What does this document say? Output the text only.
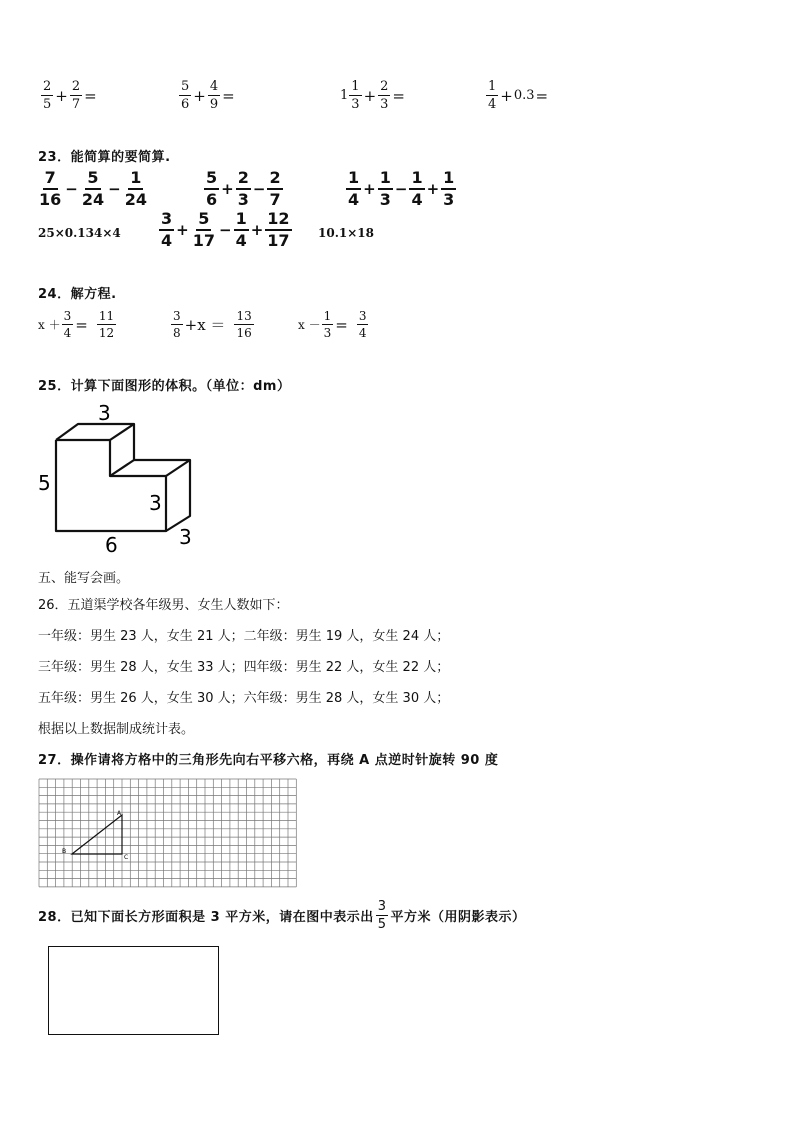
$\frac{2}{5} + \frac{2}{7}$ =	$\frac{5}{6} + \frac{4}{9}$ =	$1 \frac{1}{3} + \frac{2}{3}$ =	$\frac{1}{4} + 0.3$ =
23．能简算的要简算.
$\frac{7}{16} - \frac{5}{24} - \frac{1}{24}$	$\frac{5}{6} + \frac{2}{3} - \frac{2}{7}$	$\frac{1}{4} + \frac{1}{3} - \frac{1}{4} + \frac{1}{3}$
$25\times 0.134\times 4 \frac{3}{4} + \frac{5}{17} - \frac{1}{4} + \frac{12}{17} 10.1\times 18$
24．解方程.
$x + \frac{3}{4} = \frac{11}{12}$	$\frac{3}{8} +x = \frac{13}{16}$	$x - \frac{1}{3} = \frac{3}{4}$
25．计算下面图形的体积。（单位：dm）
3
5
3
6	3
五、能写会画。
26．五道渠学校各年级男、女生人数如下：
一年级：男生 23 人，女生 21 人；二年级：男生 19 人，女生 24 人；
三年级：男生 28 人，女生 33 人；四年级：男生 22 人，女生 22 人；
五年级：男生 26 人，女生 30 人；六年级：男生 28 人，女生 30 人；
根据以上数据制成统计表。
27．操作请将方格中的三角形先向右平移六格，再绕 A 点逆时针旋转 90 度
A
B
C
28．已知下面长方形面积是 3 平方米，请在图中表示出 $\frac{3}{5}$ 平方米（用阴影表示）
